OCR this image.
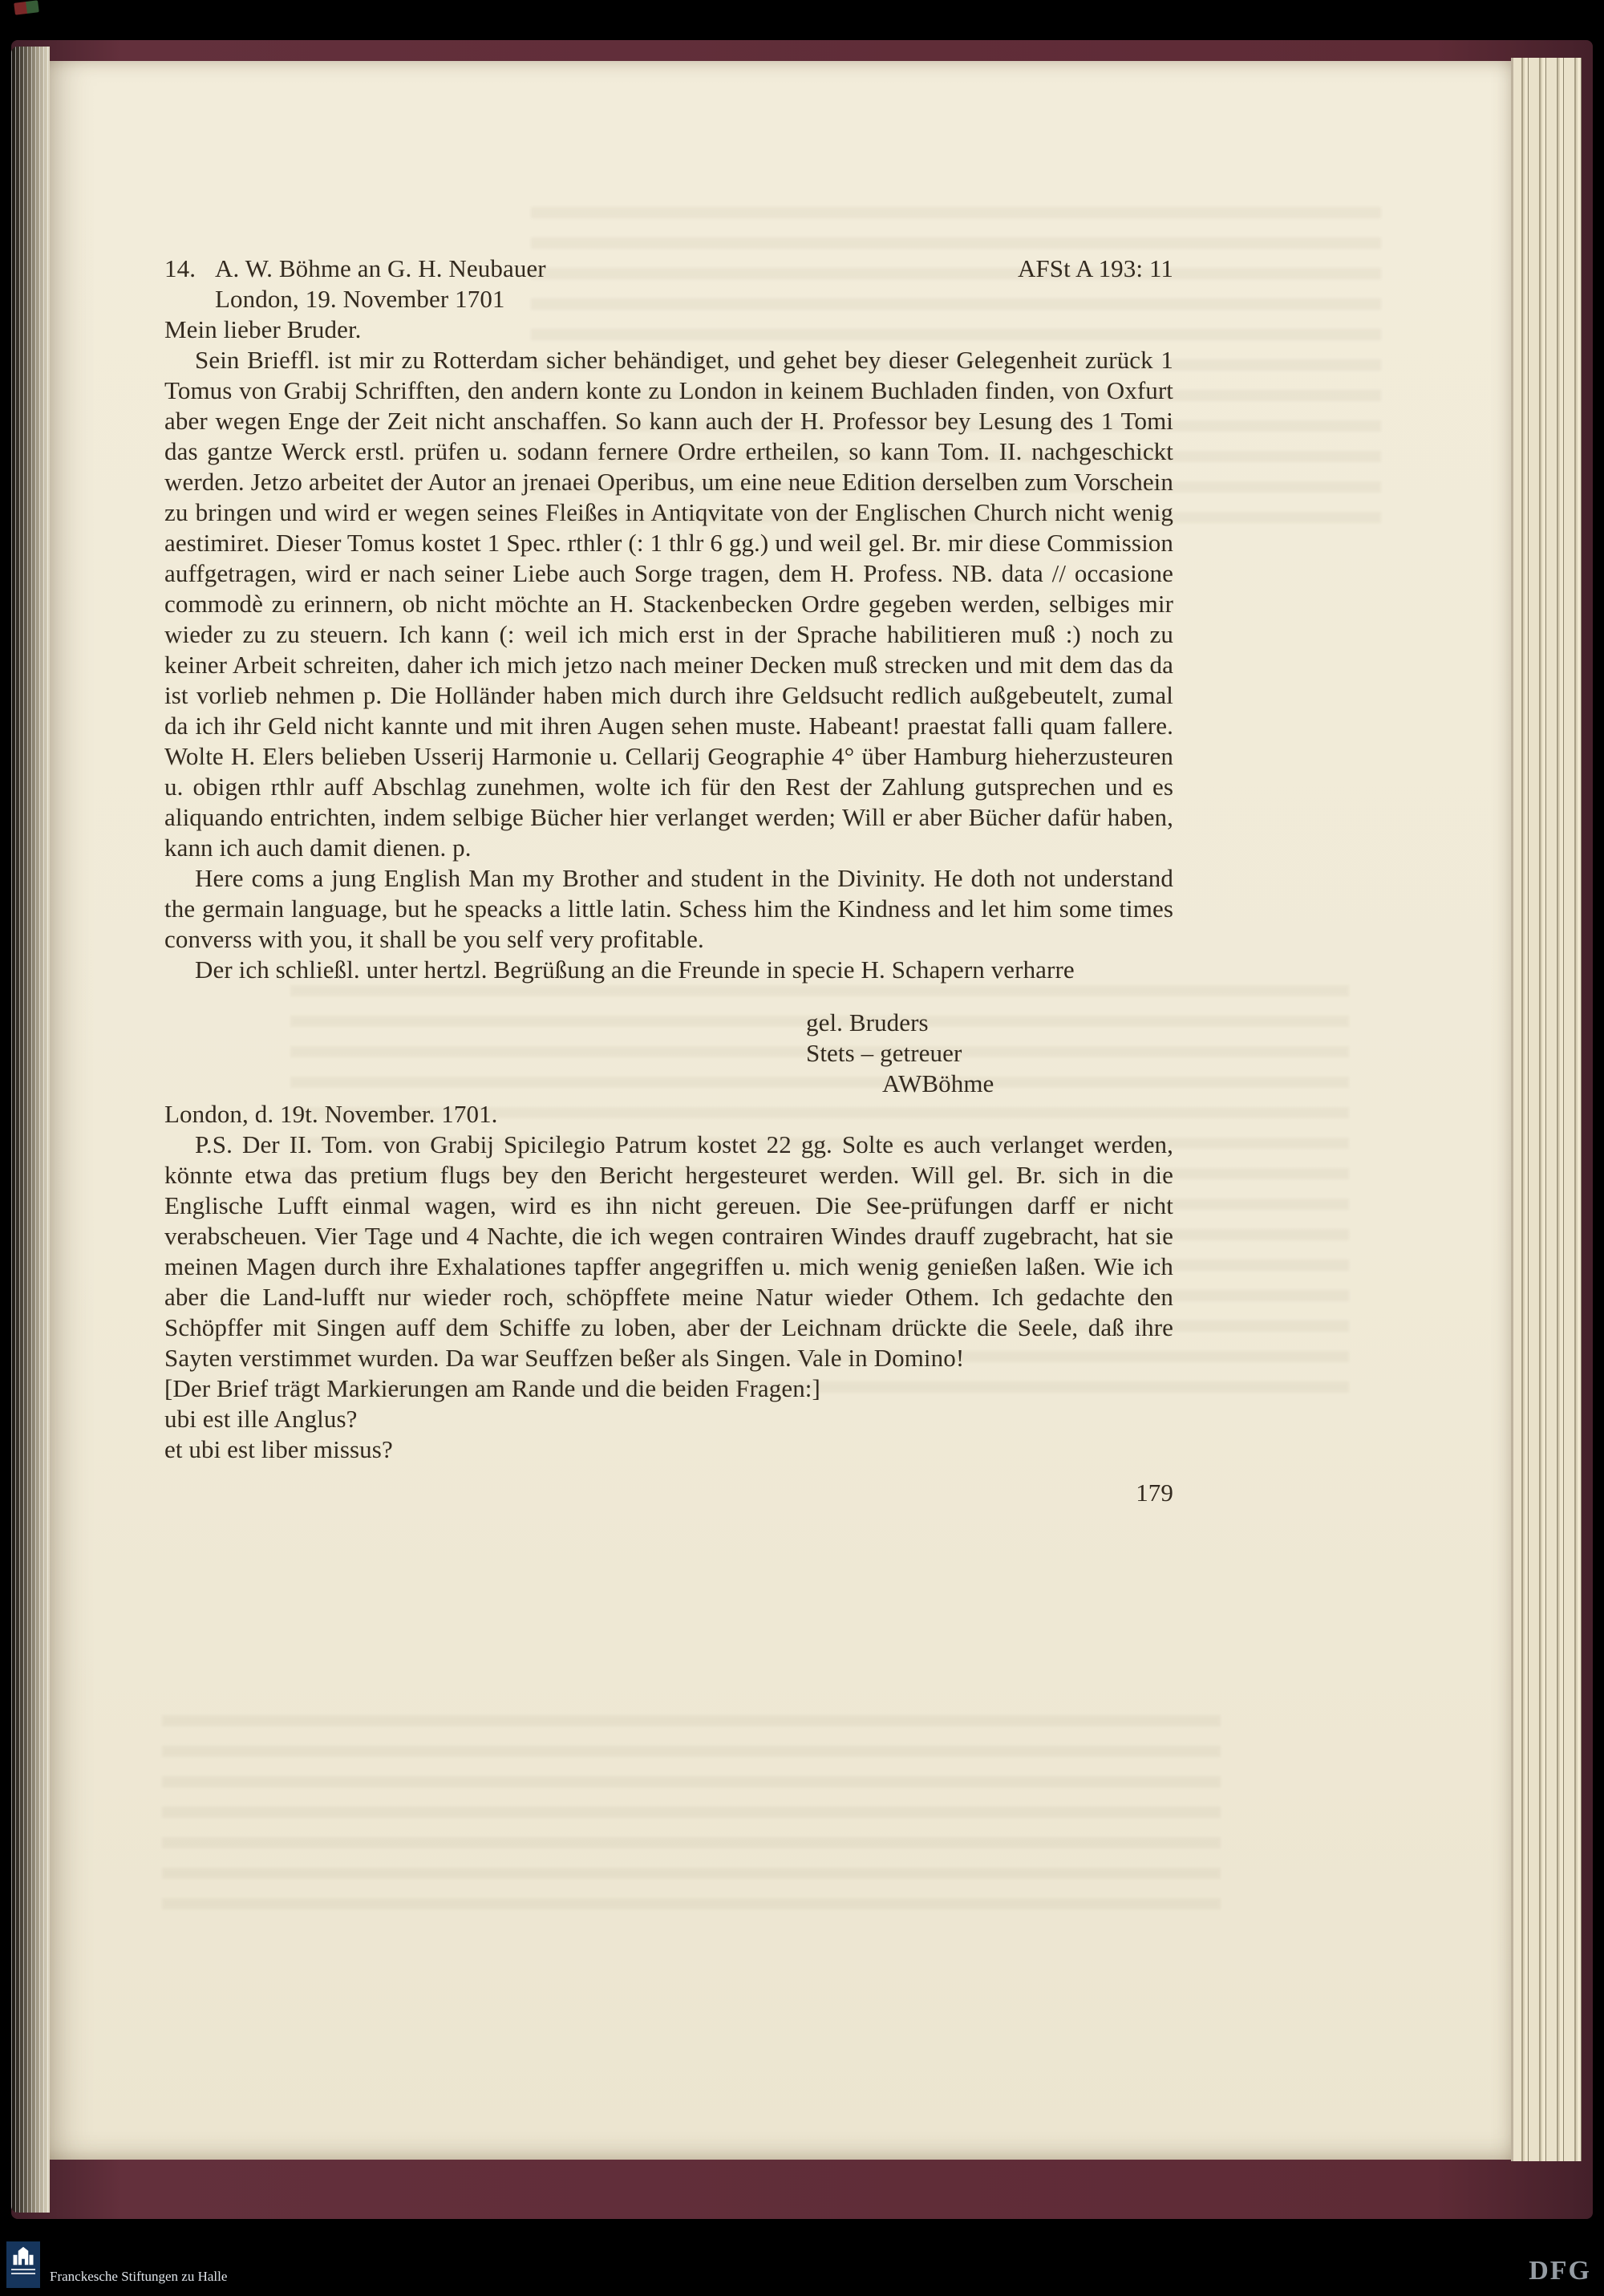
14. A. W. Böhme an G. H. Neubauer	AFSt A 193: 11
London, 19. November 1701

Mein lieber Bruder.

Sein Brieffl. ist mir zu Rotterdam sicher behändiget, und gehet bey dieser Gelegenheit zurück 1 Tomus von Grabij Schrifften, den andern konte zu London in keinem Buchladen finden, von Oxfurt aber wegen Enge der Zeit nicht anschaffen. So kann auch der H. Professor bey Lesung des 1 Tomi das gantze Werck erstl. prüfen u. sodann fernere Ordre ertheilen, so kann Tom. II. nachgeschickt werden. Jetzo arbeitet der Autor an jrenaei Operibus, um eine neue Edition derselben zum Vorschein zu bringen und wird er wegen seines Fleißes in Antiqvitate von der Englischen Church nicht wenig aestimiret. Dieser Tomus kostet 1 Spec. rthler (: 1 thlr 6 gg.) und weil gel. Br. mir diese Commission auffgetragen, wird er nach seiner Liebe auch Sorge tragen, dem H. Profess. NB. data // occasione commodè zu erinnern, ob nicht möchte an H. Stackenbecken Ordre gegeben werden, selbiges mir wieder zu zu steuern. Ich kann (: weil ich mich erst in der Sprache habilitieren muß :) noch zu keiner Arbeit schreiten, daher ich mich jetzo nach meiner Decken muß strecken und mit dem das da ist vorlieb nehmen p. Die Holländer haben mich durch ihre Geldsucht redlich außgebeutelt, zumal da ich ihr Geld nicht kannte und mit ihren Augen sehen muste. Habeant! praestat falli quam fallere. Wolte H. Elers belieben Usserij Harmonie u. Cellarij Geographie 4° über Hamburg hieherzusteuren u. obigen rthlr auff Abschlag zunehmen, wolte ich für den Rest der Zahlung gutsprechen und es aliquando entrichten, indem selbige Bücher hier verlanget werden; Will er aber Bücher dafür haben, kann ich auch damit dienen. p.

Here coms a jung English Man my Brother and student in the Divinity. He doth not understand the germain language, but he speacks a little latin. Schess him the Kindness and let him some times converss with you, it shall be you self very profitable.

Der ich schließl. unter hertzl. Begrüßung an die Freunde in specie H. Schapern verharre

gel. Bruders
Stets – getreuer
AWBöhme

London, d. 19t. November. 1701.

P.S. Der II. Tom. von Grabij Spicilegio Patrum kostet 22 gg. Solte es auch verlanget werden, könnte etwa das pretium flugs bey den Bericht hergesteuret werden. Will gel. Br. sich in die Englische Lufft einmal wagen, wird es ihn nicht gereuen. Die See-prüfungen darff er nicht verabscheuen. Vier Tage und 4 Nachte, die ich wegen contrairen Windes drauff zugebracht, hat sie meinen Magen durch ihre Exhalationes tapffer angegriffen u. mich wenig genießen laßen. Wie ich aber die Land-lufft nur wieder roch, schöpffete meine Natur wieder Othem. Ich gedachte den Schöpffer mit Singen auff dem Schiffe zu loben, aber der Leichnam drückte die Seele, daß ihre Sayten verstimmet wurden. Da war Seuffzen beßer als Singen. Vale in Domino!

[Der Brief trägt Markierungen am Rande und die beiden Fragen:]

ubi est ille Anglus?

et ubi est liber missus?

179
Franckesche Stiftungen zu Halle	DFG
